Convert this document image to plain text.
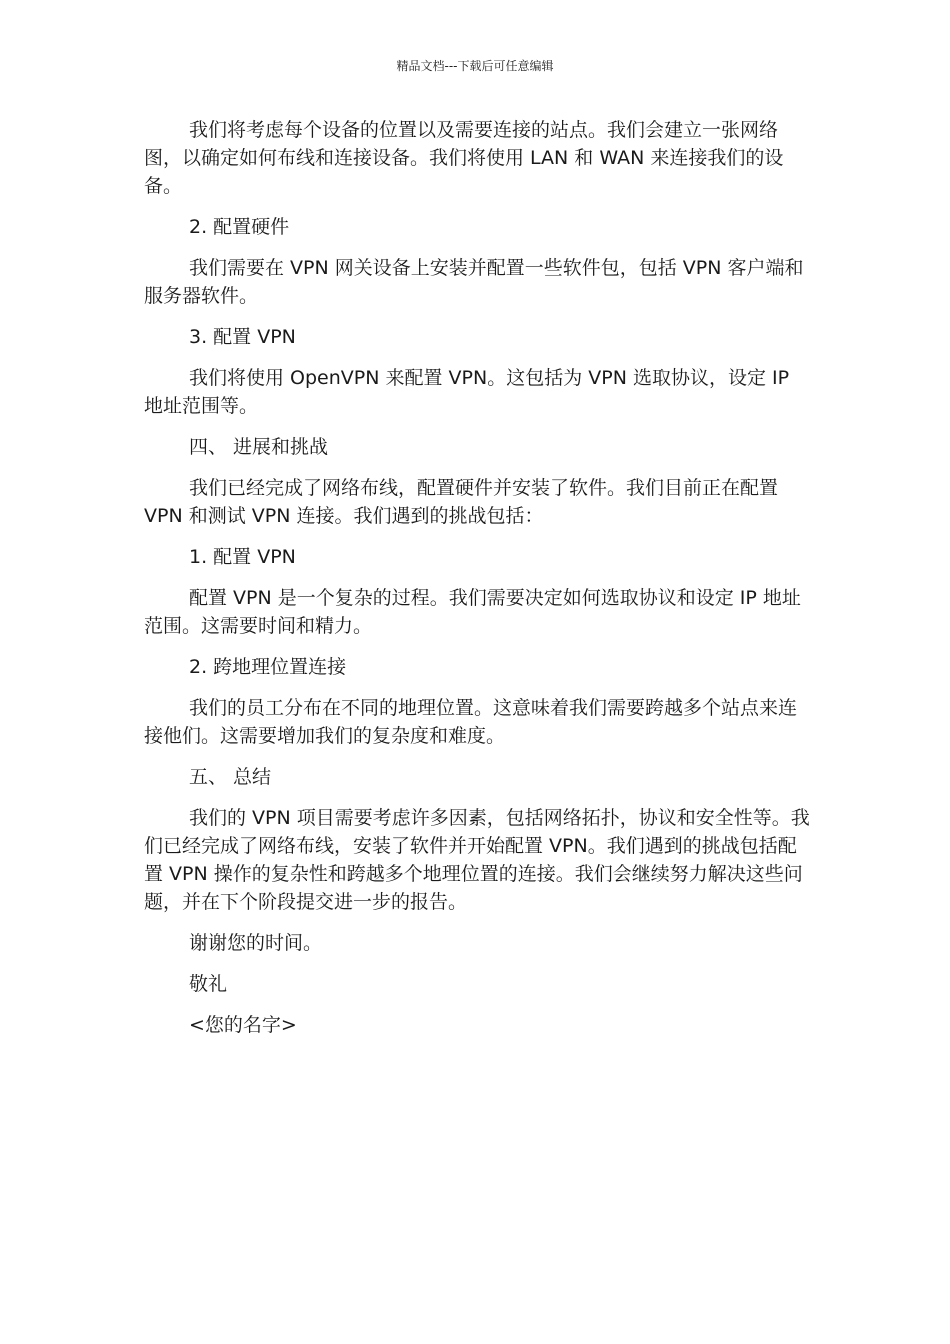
精品文档---下载后可任意编辑
我们将考虑每个设备的位置以及需要连接的站点。我们会建立一张网络图，以确定如何布线和连接设备。我们将使用 LAN 和 WAN 来连接我们的设备。
2. 配置硬件
我们需要在 VPN 网关设备上安装并配置一些软件包，包括 VPN 客户端和服务器软件。
3. 配置 VPN
我们将使用 OpenVPN 来配置 VPN。这包括为 VPN 选取协议，设定 IP 地址范围等。
四、 进展和挑战
我们已经完成了网络布线，配置硬件并安装了软件。我们目前正在配置 VPN 和测试 VPN 连接。我们遇到的挑战包括：
1. 配置 VPN
配置 VPN 是一个复杂的过程。我们需要决定如何选取协议和设定 IP 地址范围。这需要时间和精力。
2. 跨地理位置连接
我们的员工分布在不同的地理位置。这意味着我们需要跨越多个站点来连接他们。这需要增加我们的复杂度和难度。
五、 总结
我们的 VPN 项目需要考虑许多因素，包括网络拓扑，协议和安全性等。我们已经完成了网络布线，安装了软件并开始配置 VPN。我们遇到的挑战包括配置 VPN 操作的复杂性和跨越多个地理位置的连接。我们会继续努力解决这些问题，并在下个阶段提交进一步的报告。
谢谢您的时间。
敬礼
<您的名字>
